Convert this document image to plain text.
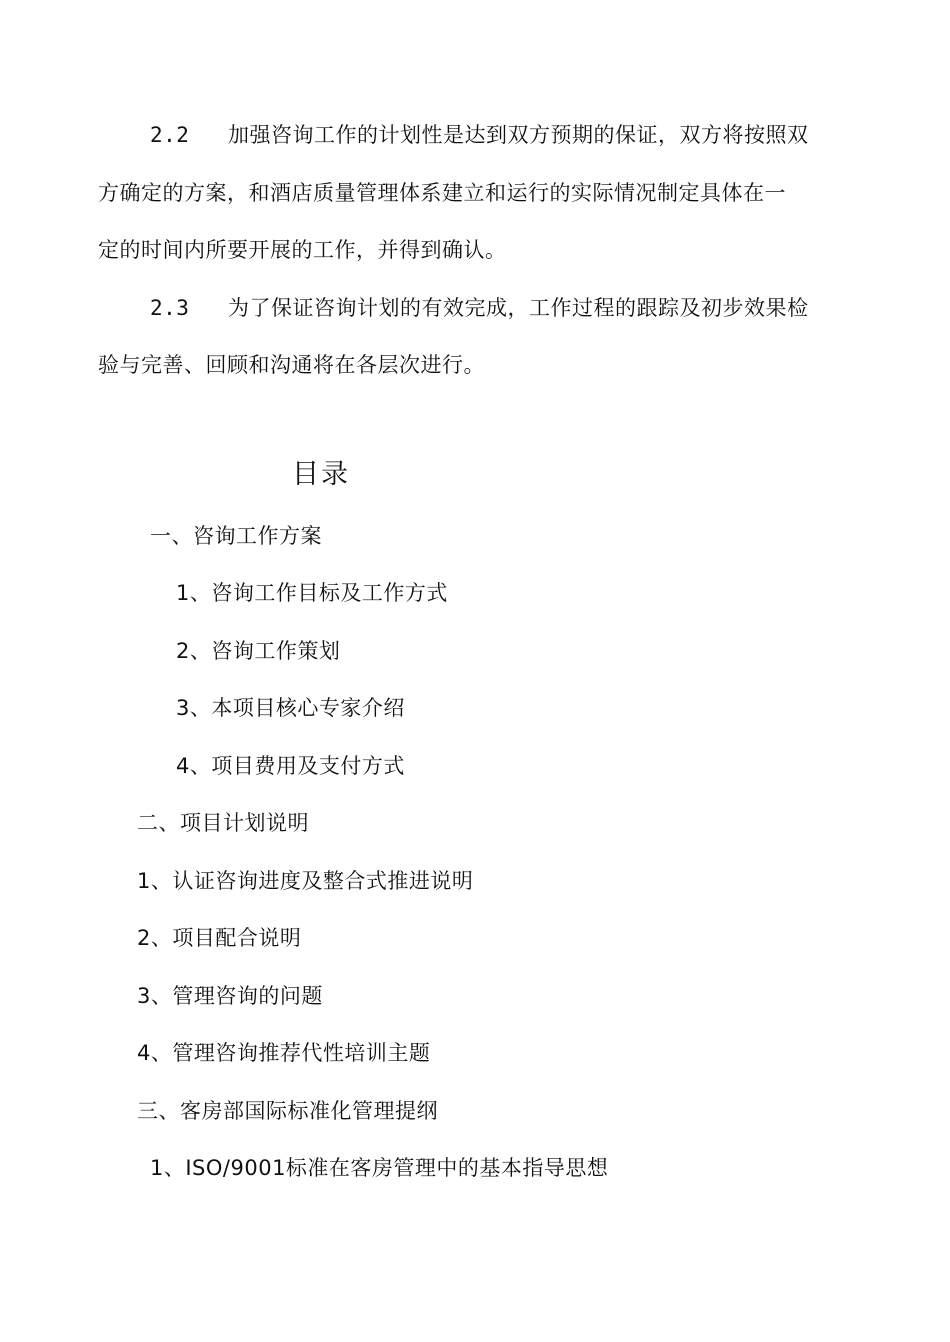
2.2 加强咨询工作的计划性是达到双方预期的保证，双方将按照双
方确定的方案，和酒店质量管理体系建立和运行的实际情况制定具体在一
定的时间内所要开展的工作，并得到确认。
2.3 为了保证咨询计划的有效完成，工作过程的跟踪及初步效果检
验与完善、回顾和沟通将在各层次进行。
目录
一、咨询工作方案
1、咨询工作目标及工作方式
2、咨询工作策划
3、本项目核心专家介绍
4、项目费用及支付方式
二、项目计划说明
1、认证咨询进度及整合式推进说明
2、项目配合说明
3、管理咨询的问题
4、管理咨询推荐代性培训主题
三、客房部国际标准化管理提纲
1、ISO/9001标准在客房管理中的基本指导思想
